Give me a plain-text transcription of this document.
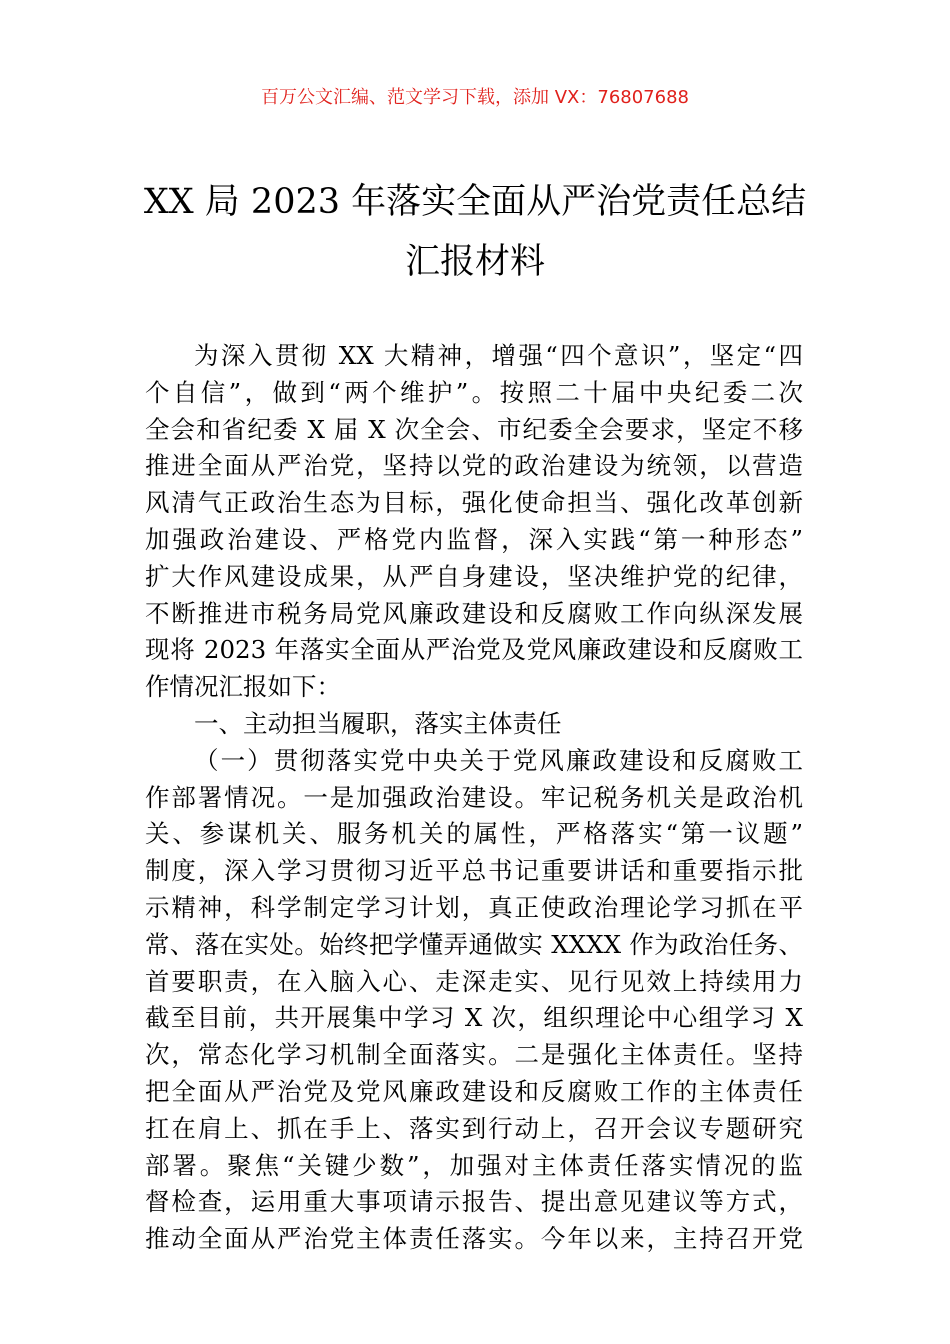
百万公文汇编、范文学习下载，添加 VX：76807688
XX 局 2023 年落实全面从严治党责任总结
汇报材料
为深入贯彻 XX 大精神，增强“四个意识”，坚定“四
个自信”，做到“两个维护”。按照二十届中央纪委二次
全会和省纪委 X 届 X 次全会、市纪委全会要求，坚定不移
推进全面从严治党，坚持以党的政治建设为统领，以营造
风清气正政治生态为目标，强化使命担当、强化改革创新
加强政治建设、严格党内监督，深入实践“第一种形态”
扩大作风建设成果，从严自身建设，坚决维护党的纪律，
不断推进市税务局党风廉政建设和反腐败工作向纵深发展
现将 2023 年落实全面从严治党及党风廉政建设和反腐败工
作情况汇报如下：
一、主动担当履职，落实主体责任
（一）贯彻落实党中央关于党风廉政建设和反腐败工
作部署情况。一是加强政治建设。牢记税务机关是政治机
关、参谋机关、服务机关的属性，严格落实“第一议题”
制度，深入学习贯彻习近平总书记重要讲话和重要指示批
示精神，科学制定学习计划，真正使政治理论学习抓在平
常、落在实处。始终把学懂弄通做实 XXXX 作为政治任务、
首要职责，在入脑入心、走深走实、见行见效上持续用力
截至目前，共开展集中学习 X 次，组织理论中心组学习 X
次，常态化学习机制全面落实。二是强化主体责任。坚持
把全面从严治党及党风廉政建设和反腐败工作的主体责任
扛在肩上、抓在手上、落实到行动上，召开会议专题研究
部署。聚焦“关键少数”，加强对主体责任落实情况的监
督检查，运用重大事项请示报告、提出意见建议等方式，
推动全面从严治党主体责任落实。今年以来，主持召开党
